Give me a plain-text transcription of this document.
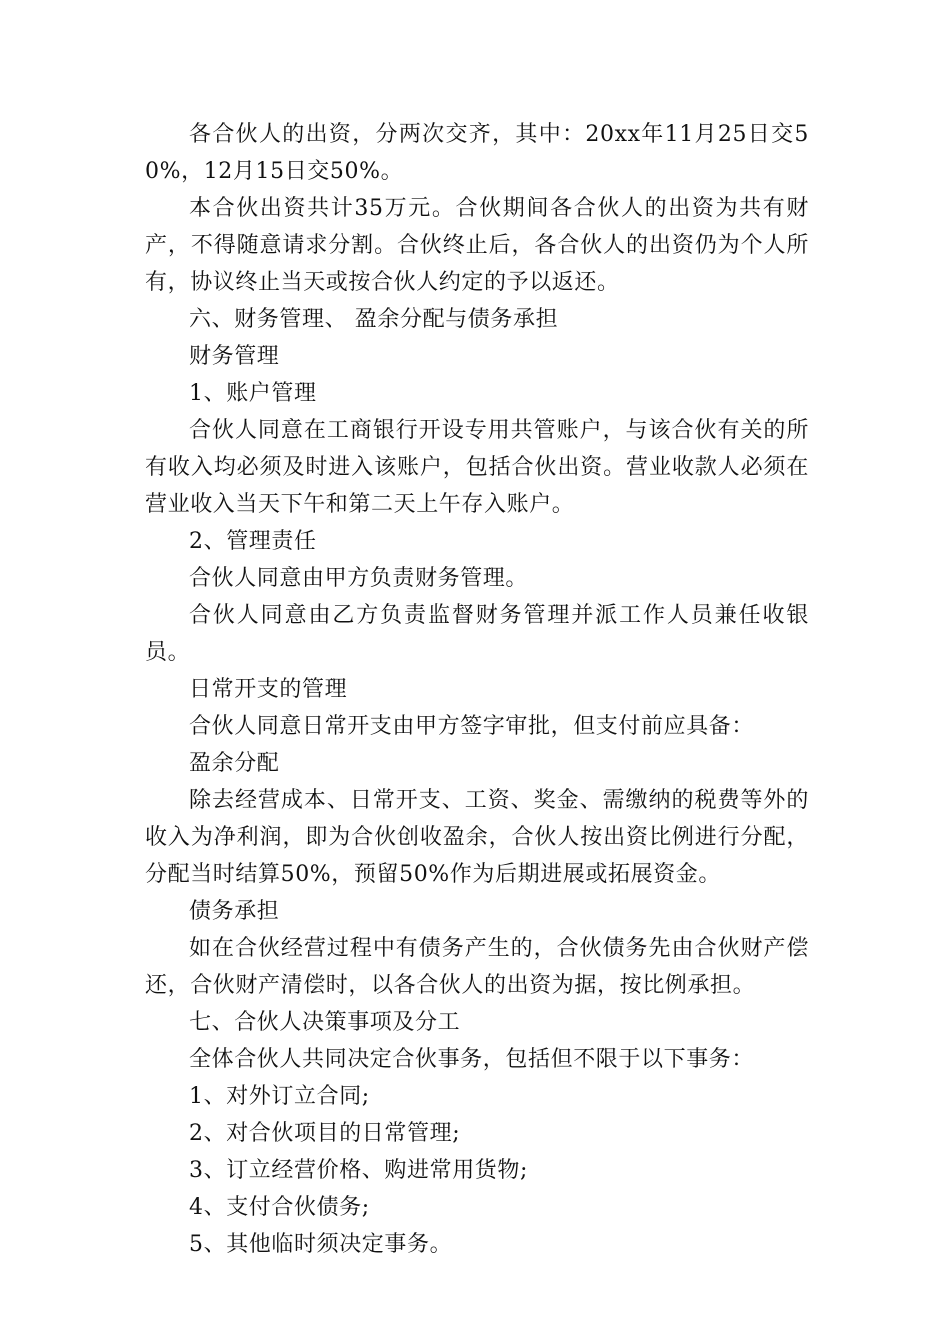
各合伙人的出资，分两次交齐，其中：20xx年11月25日交50%，12月15日交50%。

本合伙出资共计35万元。合伙期间各合伙人的出资为共有财产，不得随意请求分割。合伙终止后，各合伙人的出资仍为个人所有，协议终止当天或按合伙人约定的予以返还。

六、财务管理、 盈余分配与债务承担

财务管理

1、账户管理

合伙人同意在工商银行开设专用共管账户，与该合伙有关的所有收入均必须及时进入该账户，包括合伙出资。营业收款人必须在营业收入当天下午和第二天上午存入账户。

2、管理责任

合伙人同意由甲方负责财务管理。

合伙人同意由乙方负责监督财务管理并派工作人员兼任收银员。

日常开支的管理

合伙人同意日常开支由甲方签字审批，但支付前应具备：

盈余分配

除去经营成本、日常开支、工资、奖金、需缴纳的税费等外的收入为净利润，即为合伙创收盈余，合伙人按出资比例进行分配，分配当时结算50%，预留50%作为后期进展或拓展资金。

债务承担

如在合伙经营过程中有债务产生的，合伙债务先由合伙财产偿还，合伙财产清偿时，以各合伙人的出资为据，按比例承担。

七、合伙人决策事项及分工

全体合伙人共同决定合伙事务，包括但不限于以下事务：

1、对外订立合同;

2、对合伙项目的日常管理;

3、订立经营价格、购进常用货物;

4、支付合伙债务;

5、其他临时须决定事务。
